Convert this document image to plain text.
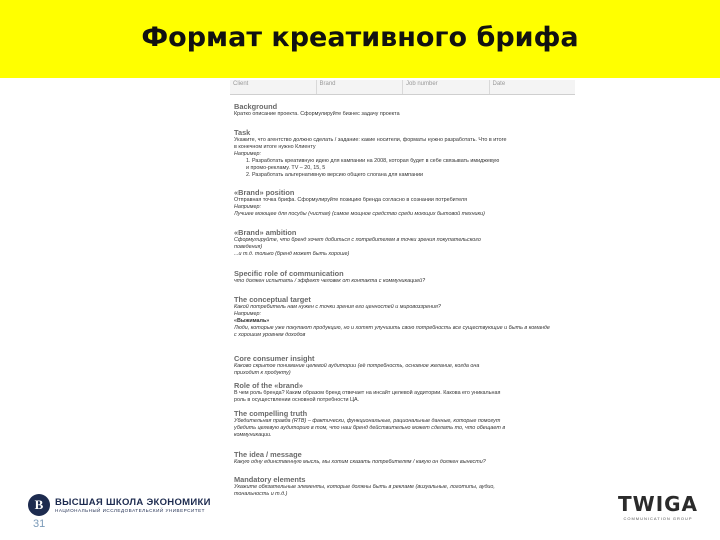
Формат креативного брифа
Client	Brand	Job number	Date
Background
Кратко описание проекта. Сформулируйте бизнес задачу проекта
Task
Укажите, что агентство должно сделать / задание: какие носители, форматы нужно разработать. Что в итоге
в конечном итоге нужно Клиенту
Например:
1. Разработать креативную идею для кампании на 2008, которая будет в себе связывать имиджевую
и промо-рекламу. TV – 20, 15, 5
2. Разработать альтернативную версию общего слогана для кампании
«Brand» position
Отправная точка брифа. Сформулируйте позицию бренда согласно в сознании потребителя
Например:
Лучшее моющее для посуды (чистая) (самое мощное средство среди моющих бытовой техники)
«Brand» ambition
Сформулируйте, что бренд хочет добиться с потребителем в точки зрения покупательского
поведения)
...и т.д. только (бренд может быть хороше)
Specific role of communication
что должен испытать / эффект человек от контакта с коммуникацией?
The conceptual target
Какой потребитель нам нужен с точки зрения его ценностей и мировоззрения?
Например:
«Выжималь»
Люди, которые уже покупают продукцию, но и хотят улучшить свою потребность все существующие и быть в команде
с хорошим уровнем доходов
Core consumer insight
Каково скрытое понимание целевой аудитории (её потребность, основное желание, когда она
приходит к продукту)
Role of the «brand»
В чем роль бренда? Каким образом бренд отвечает на инсайт целевой аудитории. Какова его уникальная
роль в осуществлении основной потребности ЦА.
The compelling truth
Убедительная правда (RTB) – фактически, функциональные, рациональные данные, которые помогут
убедить целевую аудиторию в том, что наш бренд действительно может сделать то, что обещает в
коммуникации.
The idea / message
Какую одну единственную мысль, мы хотим сказать потребителям / какую он должен вынести?
Mandatory elements
Укажите обязательные элементы, которые должны быть в рекламе (визуальные, логотипы, аудио,
тональность и т.д.)
31
В	ВЫСШАЯ ШКОЛА ЭКОНОМИКИ
НАЦИОНАЛЬНЫЙ ИССЛЕДОВАТЕЛЬСКИЙ УНИВЕРСИТЕТ	TWIGA
COMMUNICATION GROUP
